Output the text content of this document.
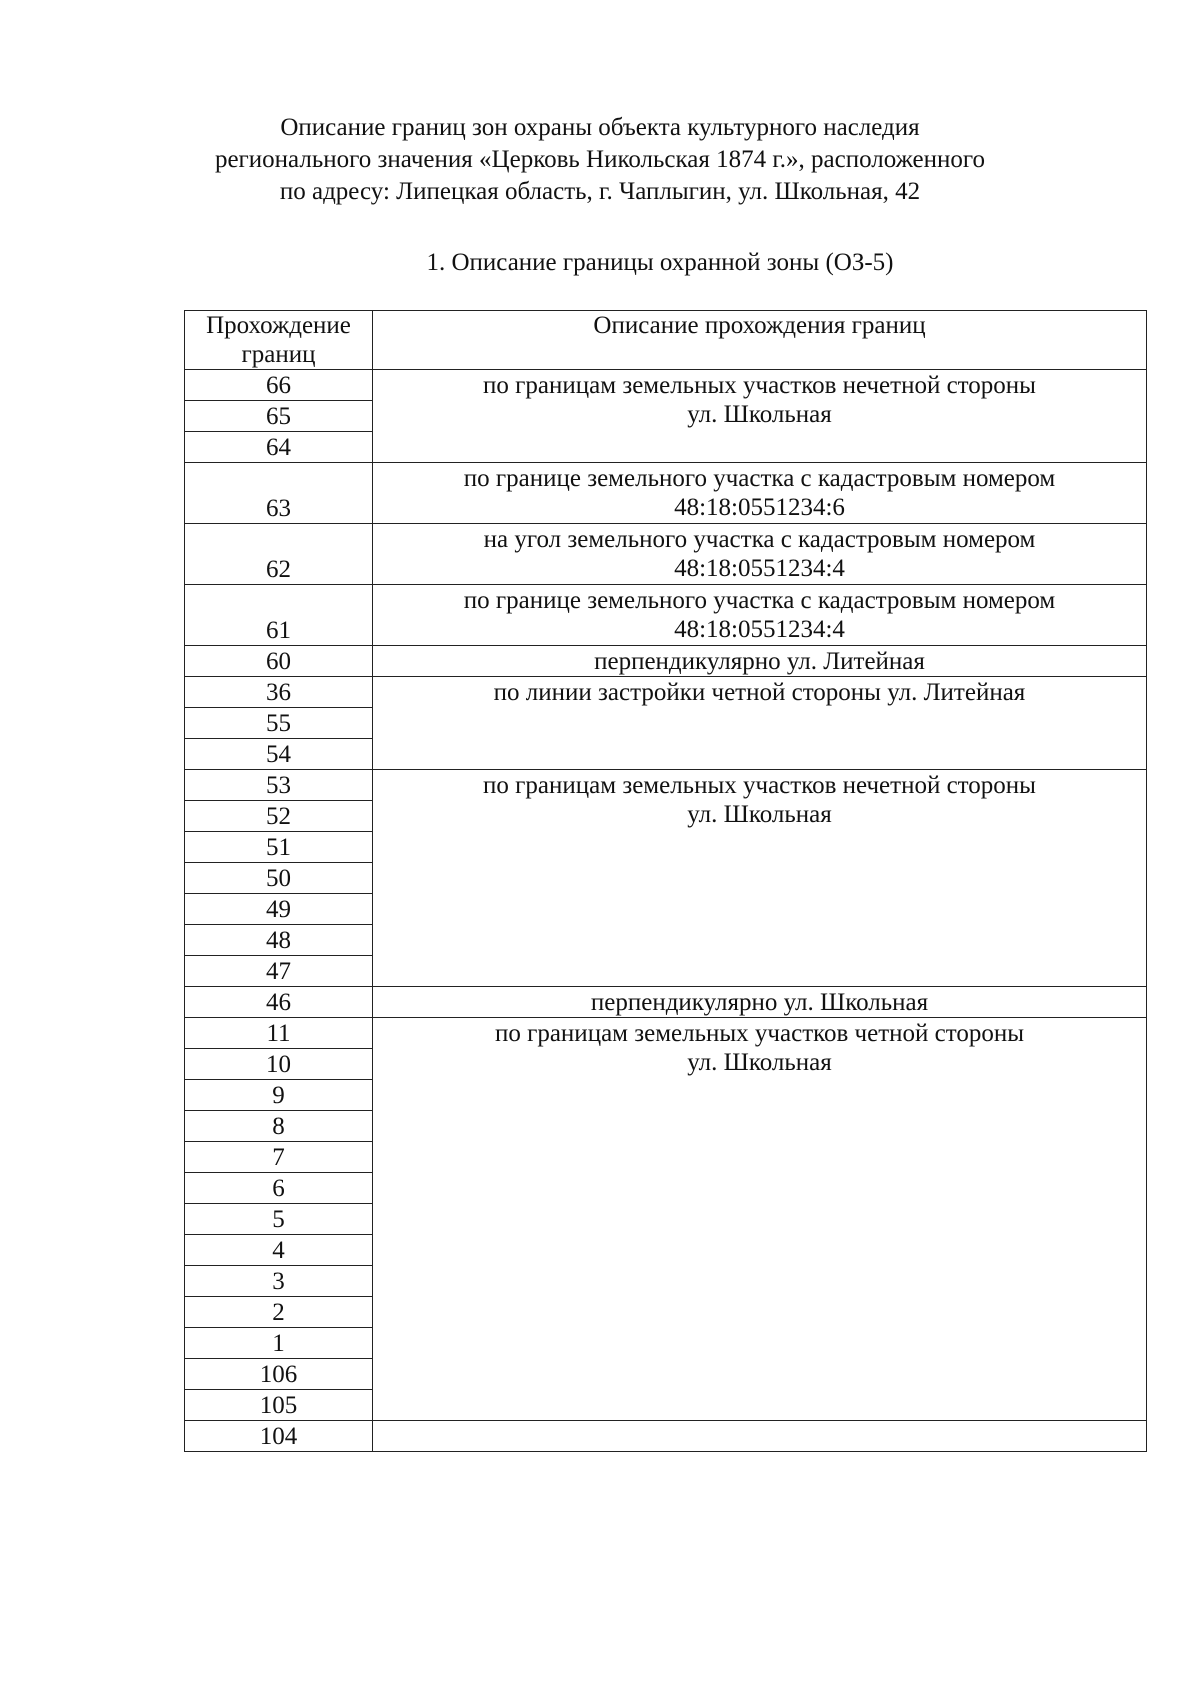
Описание границ зон охраны объекта культурного наследия
регионального значения «Церковь Никольская 1874 г.», расположенного
по адресу: Липецкая область, г. Чаплыгин, ул. Школьная, 42
1. Описание границы охранной зоны (ОЗ-5)
Прохождение
границ	Описание прохождения границ
66	по границам земельных участков нечетной стороны
ул. Школьная

65	
64	
63	по границе земельного участка с кадастровым номером
48:18:0551234:6

62	на угол земельного участка с кадастровым номером
48:18:0551234:4

61	по границе земельного участка с кадастровым номером
48:18:0551234:4

60	перпендикулярно ул. Литейная

36	по линии застройки четной стороны ул. Литейная

55	
54	
53	по границам земельных участков нечетной стороны
ул. Школьная

52	
51	
50	
49	
48	
47	
46	перпендикулярно ул. Школьная

11	по границам земельных участков четной стороны
ул. Школьная

10	
9	
8	
7	
6	
5	
4	
3	
2	
1	
106	
105	
104	
